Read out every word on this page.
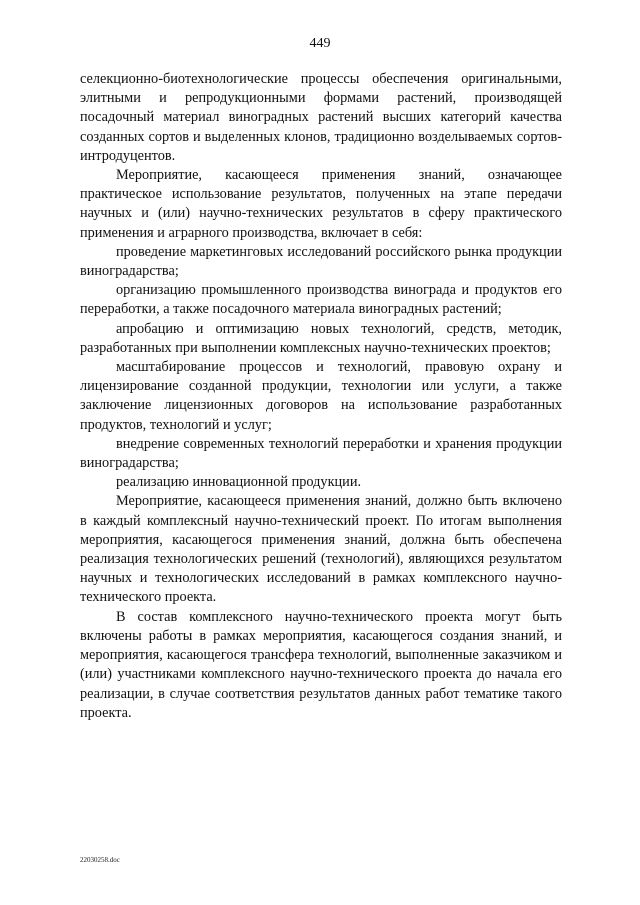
449

селекционно-биотехнологические процессы обеспечения оригинальными, элитными и репродукционными формами растений, производящей посадочный материал виноградных растений высших категорий качества созданных сортов и выделенных клонов, традиционно возделываемых сортов-интродуцентов.

Мероприятие, касающееся применения знаний, означающее практическое использование результатов, полученных на этапе передачи научных и (или) научно-технических результатов в сферу практического применения и аграрного производства, включает в себя:

проведение маркетинговых исследований российского рынка продукции виноградарства;

организацию промышленного производства винограда и продуктов его переработки, а также посадочного материала виноградных растений;

апробацию и оптимизацию новых технологий, средств, методик, разработанных при выполнении комплексных научно-технических проектов;

масштабирование процессов и технологий, правовую охрану и лицензирование созданной продукции, технологии или услуги, а также заключение лицензионных договоров на использование разработанных продуктов, технологий и услуг;

внедрение современных технологий переработки и хранения продукции виноградарства;

реализацию инновационной продукции.

Мероприятие, касающееся применения знаний, должно быть включено в каждый комплексный научно-технический проект. По итогам выполнения мероприятия, касающегося применения знаний, должна быть обеспечена реализация технологических решений (технологий), являющихся результатом научных и технологических исследований в рамках комплексного научно-технического проекта.

В состав комплексного научно-технического проекта могут быть включены работы в рамках мероприятия, касающегося создания знаний, и мероприятия, касающегося трансфера технологий, выполненные заказчиком и (или) участниками комплексного научно-технического проекта до начала его реализации, в случае соответствия результатов данных работ тематике такого проекта.

22030258.doc
